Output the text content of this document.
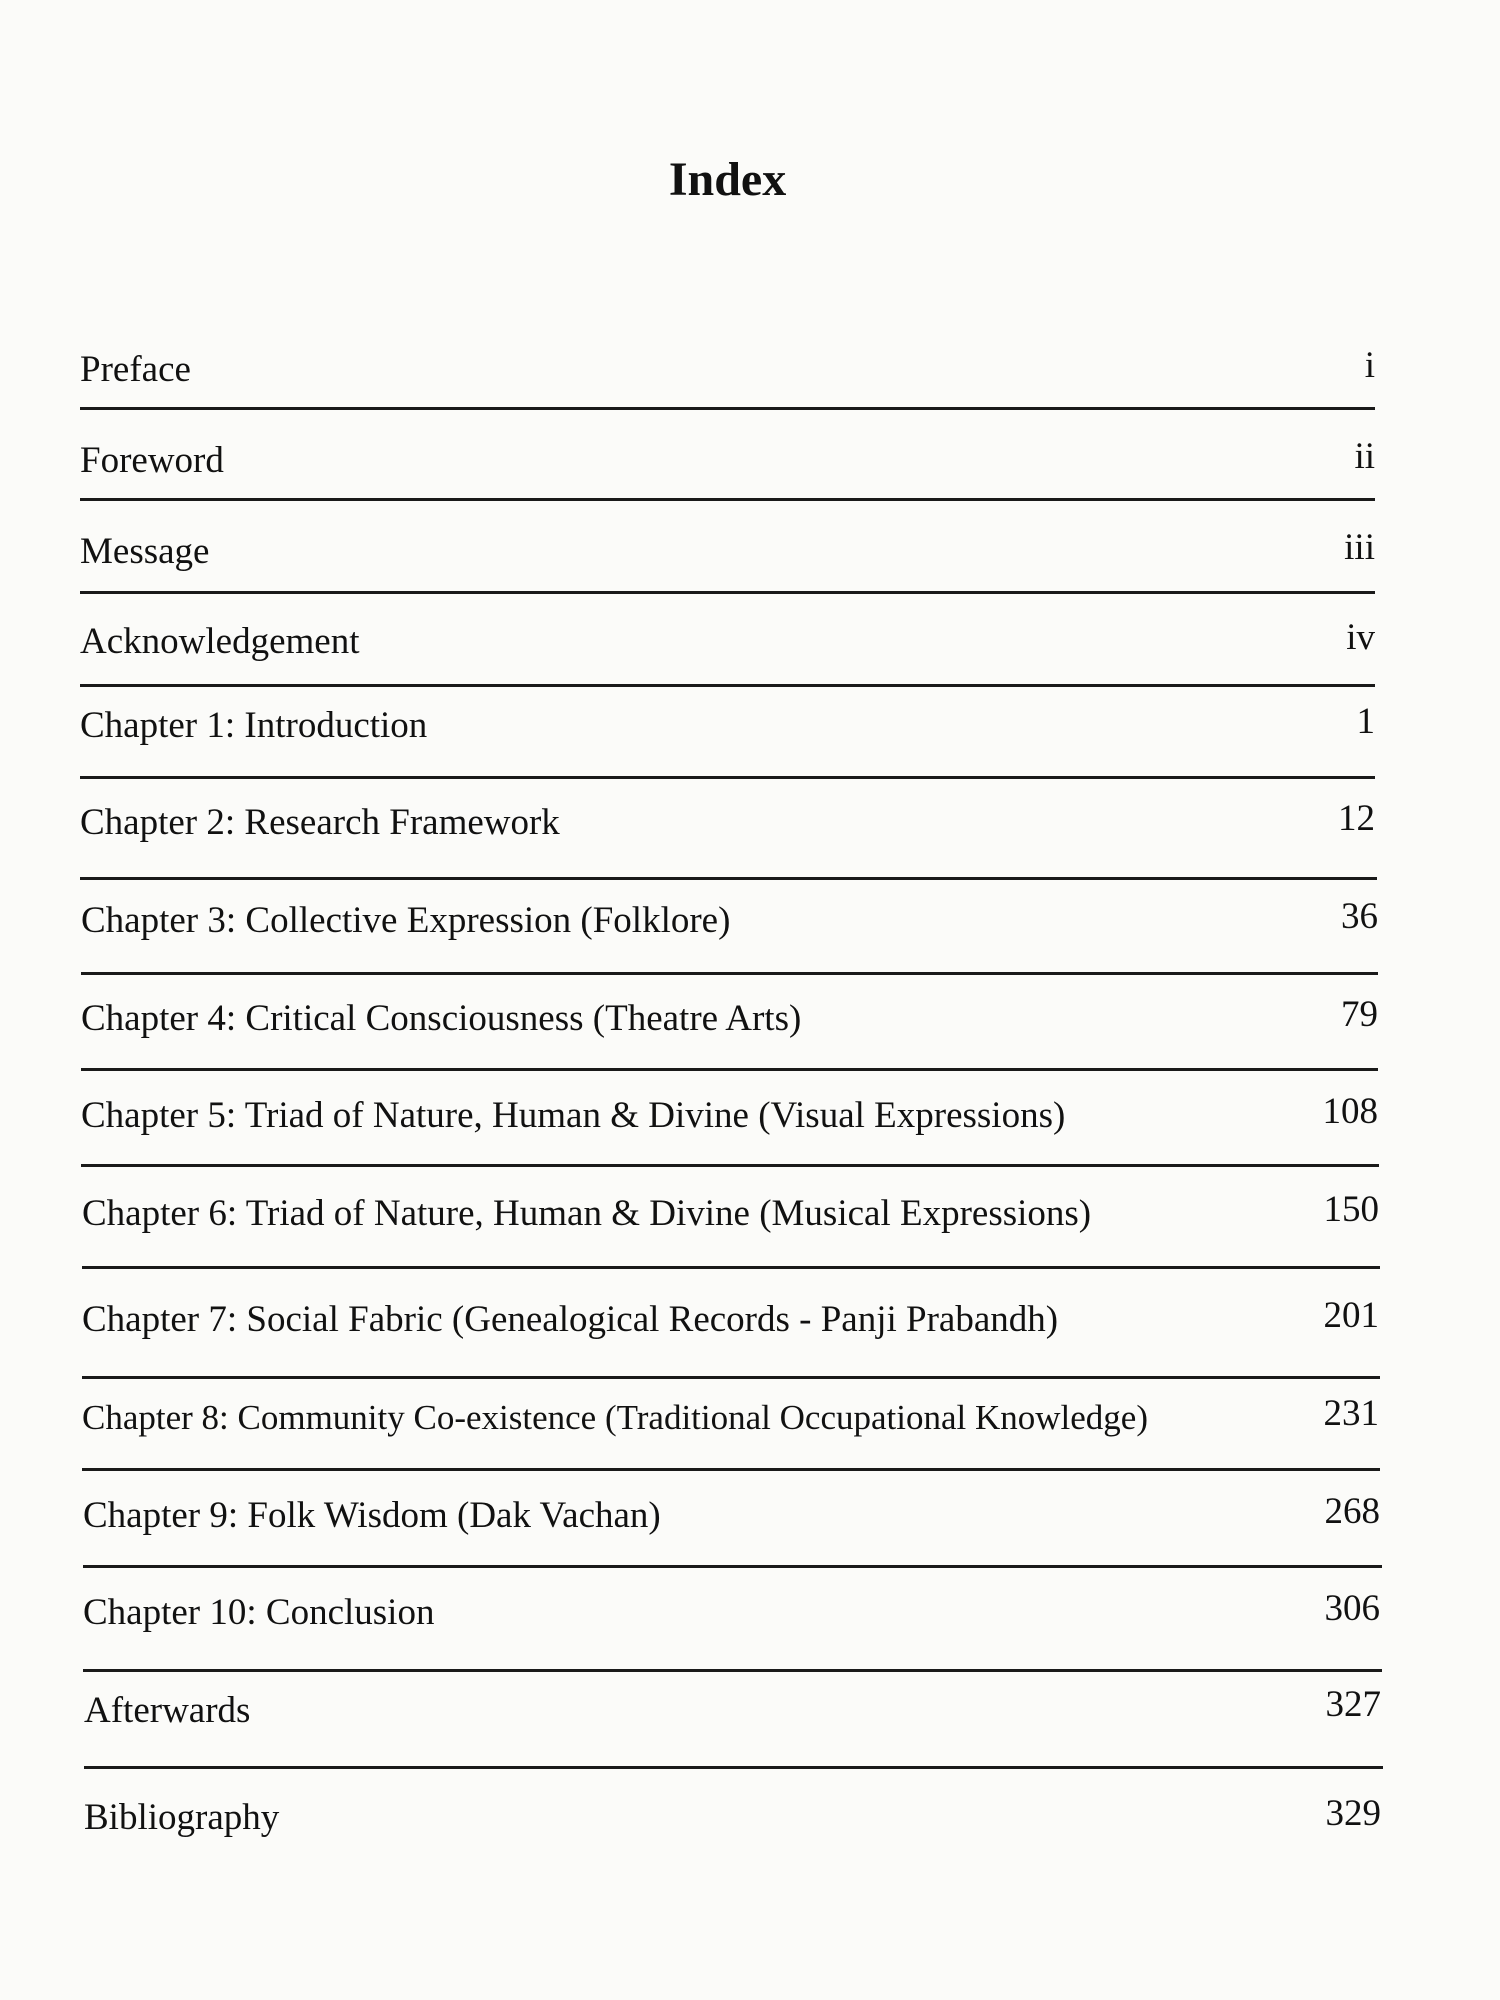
Index
Preface	i
Foreword	ii
Message	iii
Acknowledgement	iv
Chapter 1: Introduction	1
Chapter 2: Research Framework	12
Chapter 3: Collective Expression (Folklore)	36
Chapter 4: Critical Consciousness (Theatre Arts)	79
Chapter 5: Triad of Nature, Human & Divine (Visual Expressions)	108
Chapter 6: Triad of Nature, Human & Divine (Musical Expressions)	150
Chapter 7: Social Fabric (Genealogical Records - Panji Prabandh)	201
Chapter 8: Community Co-existence (Traditional Occupational Knowledge)	231
Chapter 9: Folk Wisdom (Dak Vachan)	268
Chapter 10: Conclusion	306
Afterwards	327
Bibliography	329
